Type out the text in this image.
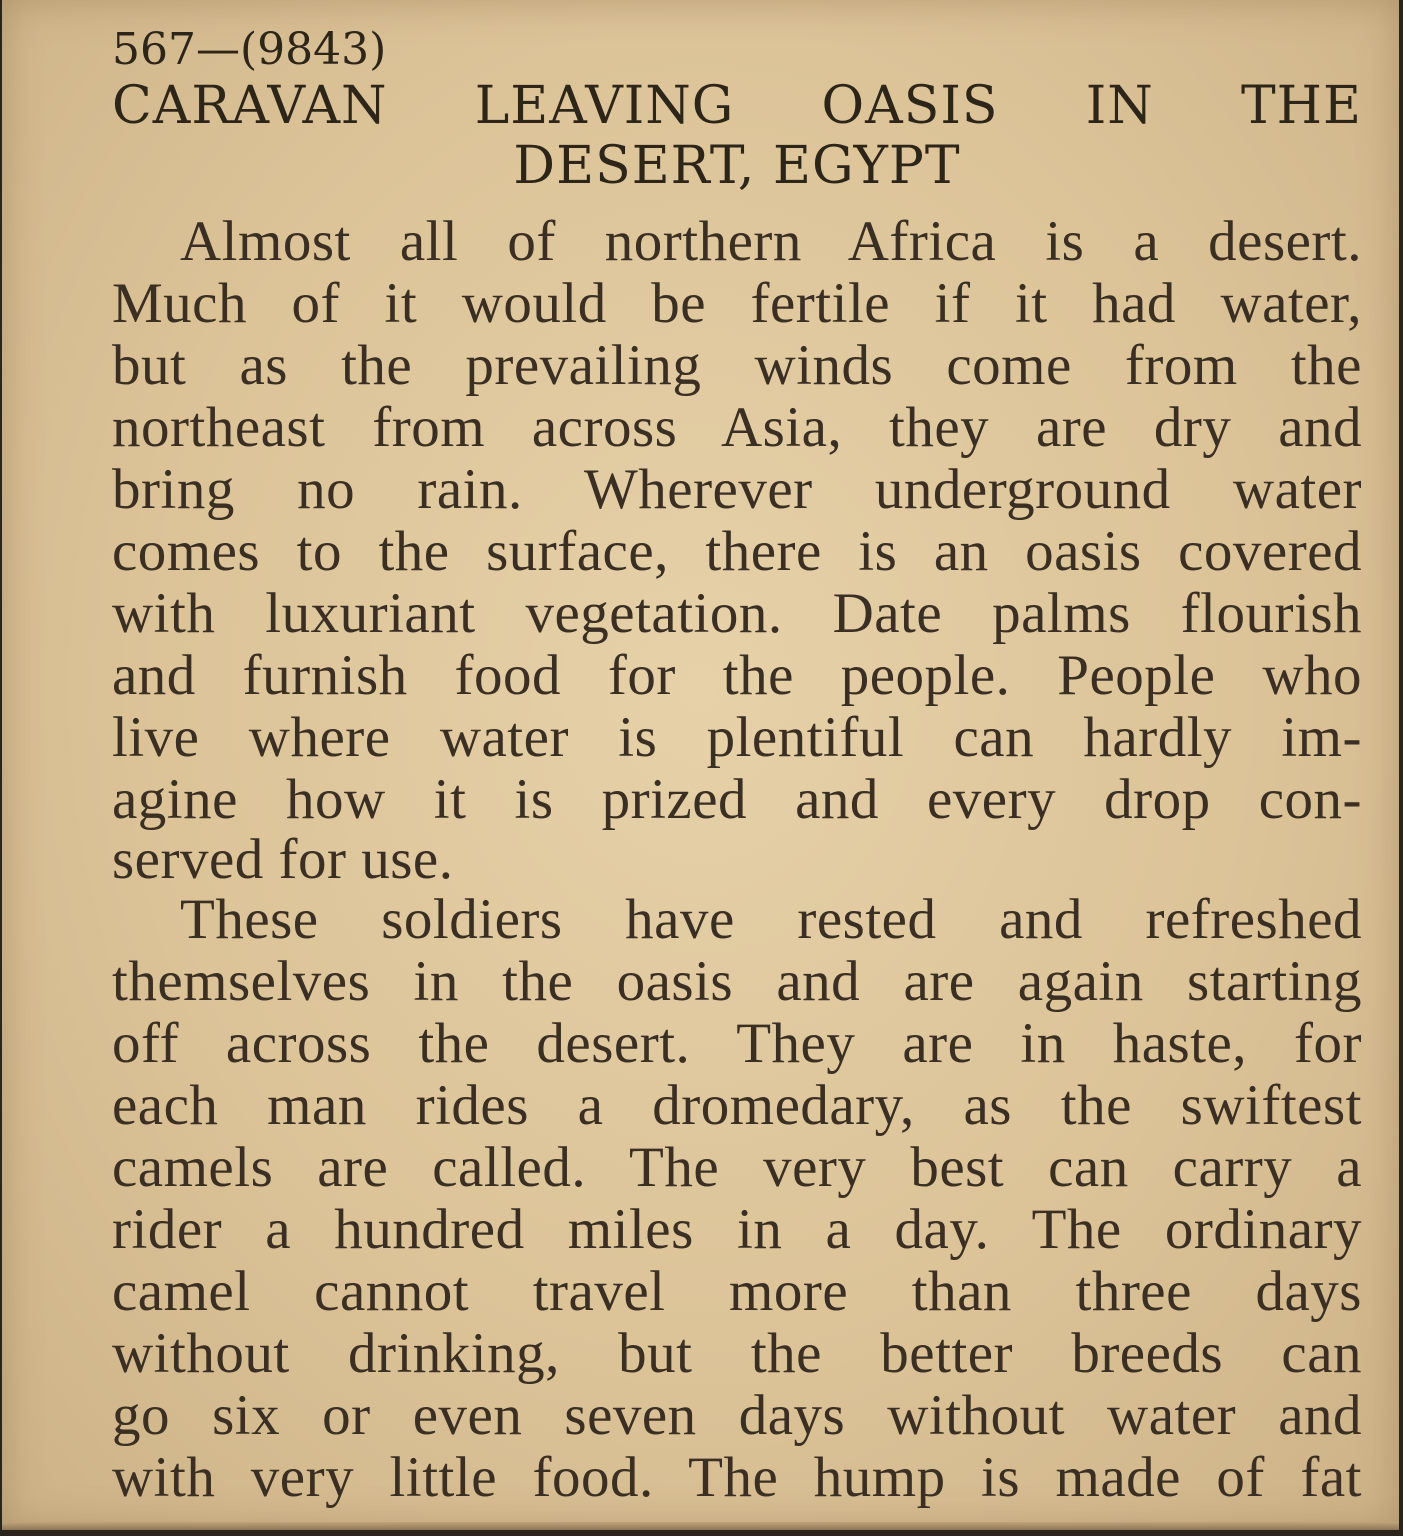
567—(9843)
CARAVAN LEAVING OASIS IN THE
DESERT, EGYPT
Almost all of northern Africa is a desert.
Much of it would be fertile if it had water,
but as the prevailing winds come from the
northeast from across Asia, they are dry and
bring no rain. Wherever underground water
comes to the surface, there is an oasis covered
with luxuriant vegetation. Date palms flourish
and furnish food for the people. People who
live where water is plentiful can hardly im-
agine how it is prized and every drop con-
served for use.
These soldiers have rested and refreshed
themselves in the oasis and are again starting
off across the desert. They are in haste, for
each man rides a dromedary, as the swiftest
camels are called. The very best can carry a
rider a hundred miles in a day. The ordinary
camel cannot travel more than three days
without drinking, but the better breeds can
go six or even seven days without water and
with very little food. The hump is made of fat
